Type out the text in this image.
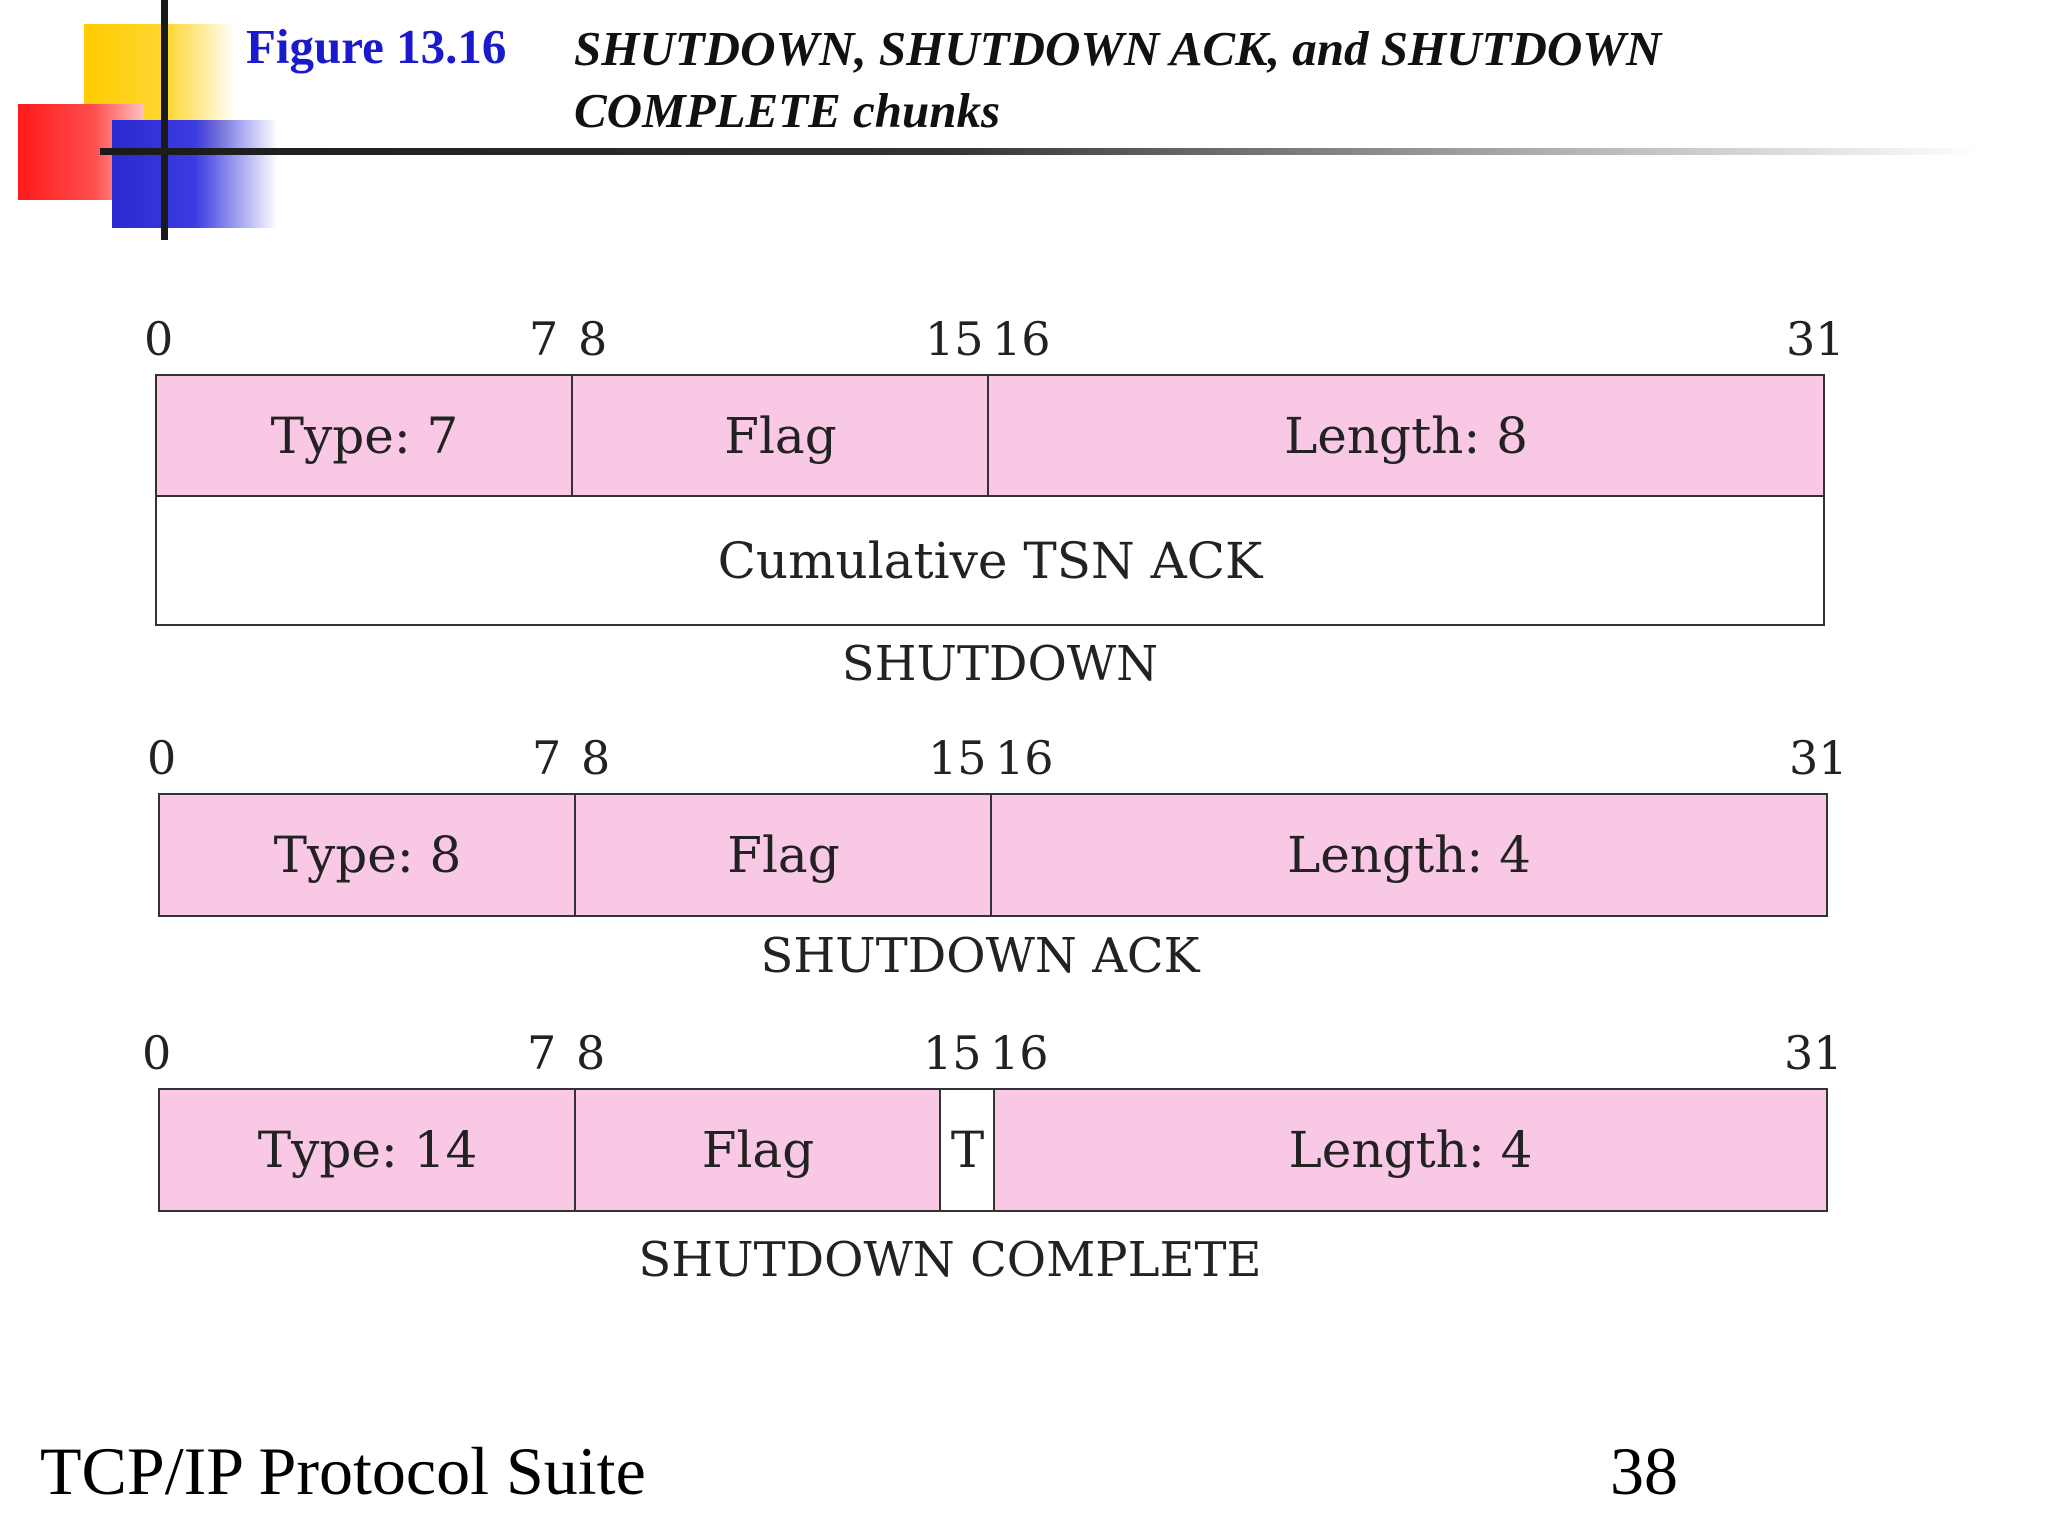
Figure 13.16 SHUTDOWN, SHUTDOWN ACK, and SHUTDOWN
COMPLETE chunks
0	7 8	15 16	31
Type: 7	Flag	Length: 8
Cumulative TSN ACK
SHUTDOWN
0	7 8	15 16	31
Type: 8	Flag	Length: 4
SHUTDOWN ACK
0	7 8	15 16	31
Type: 14	Flag	T	Length: 4
SHUTDOWN COMPLETE
TCP/IP Protocol Suite	38
